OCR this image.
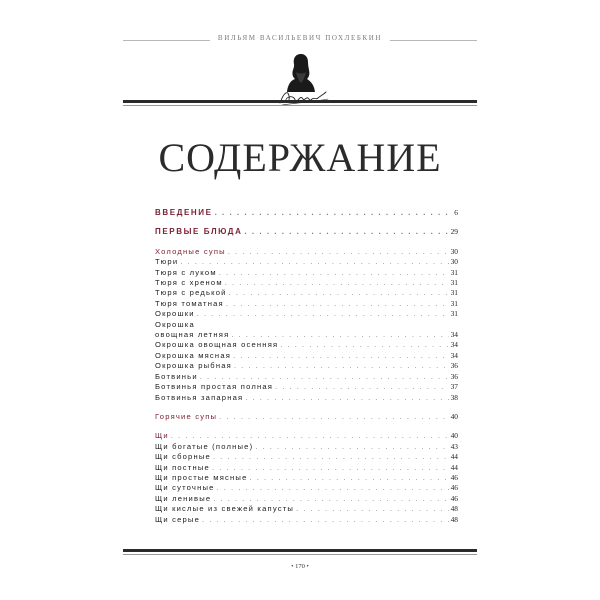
ВИЛЬЯМ ВАСИЛЬЕВИЧ ПОХЛЕБКИН
СОДЕРЖАНИЕ
ВВЕДЕНИЕ . . .	6
ПЕРВЫЕ БЛЮДА . . .	29
Холодные супы . . .	30
Тюри . . .	30
Тюря с луком . . .	31
Тюря с хреном . . .	31
Тюря с редькой . . .	31
Тюря томатная . . .	31
Окрошки . . .	31
Окрошка
овощная летняя . . .	34
Окрошка овощная осенняя . . .	34
Окрошка мясная . . .	34
Окрошка рыбная . . .	36
Ботвиньи . . .	36
Ботвинья простая полная . . .	37
Ботвинья запарная . . .	38
Горячие супы . . .	40
Щи . . .	40
Щи богатые (полные) . . .	43
Щи сборные . . .	44
Щи постные . . .	44
Щи простые мясные . . .	46
Щи суточные . . .	46
Щи ленивые . . .	46
Щи кислые из свежей капусты . . .	48
Щи серые . . .	48
• 170 •
